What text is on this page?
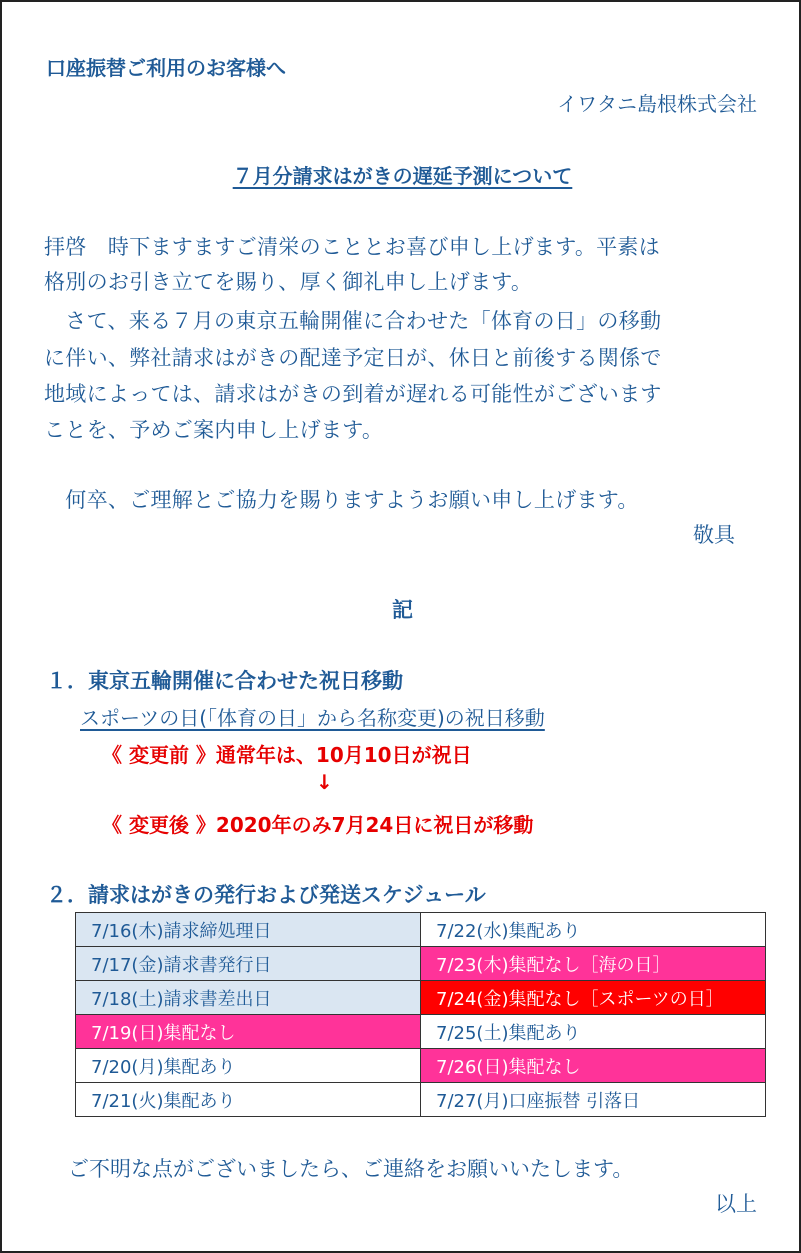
口座振替ご利用のお客様へ
イワタニ島根株式会社
７月分請求はがきの遅延予測について
拝啓　時下ますますご清栄のこととお喜び申し上げます。平素は
格別のお引き立てを賜り、厚く御礼申し上げます。
　さて、来る７月の東京五輪開催に合わせた「体育の日」の移動
に伴い、弊社請求はがきの配達予定日が、休日と前後する関係で
地域によっては、請求はがきの到着が遅れる可能性がございます
ことを、予めご案内申し上げます。
　何卒、ご理解とご協力を賜りますようお願い申し上げます。
敬具
記
１．東京五輪開催に合わせた祝日移動
スポーツの日(「体育の日」から名称変更)の祝日移動
《 変更前 》通常年は、10月10日が祝日
↓
《 変更後 》2020年のみ7月24日に祝日が移動
２．請求はがきの発行および発送スケジュール
7/16(木)請求締処理日	7/22(水)集配あり
7/17(金)請求書発行日	7/23(木)集配なし［海の日］
7/18(土)請求書差出日	7/24(金)集配なし［スポーツの日］
7/19(日)集配なし	7/25(土)集配あり
7/20(月)集配あり	7/26(日)集配なし
7/21(火)集配あり	7/27(月)口座振替 引落日
ご不明な点がございましたら、ご連絡をお願いいたします。
以上
